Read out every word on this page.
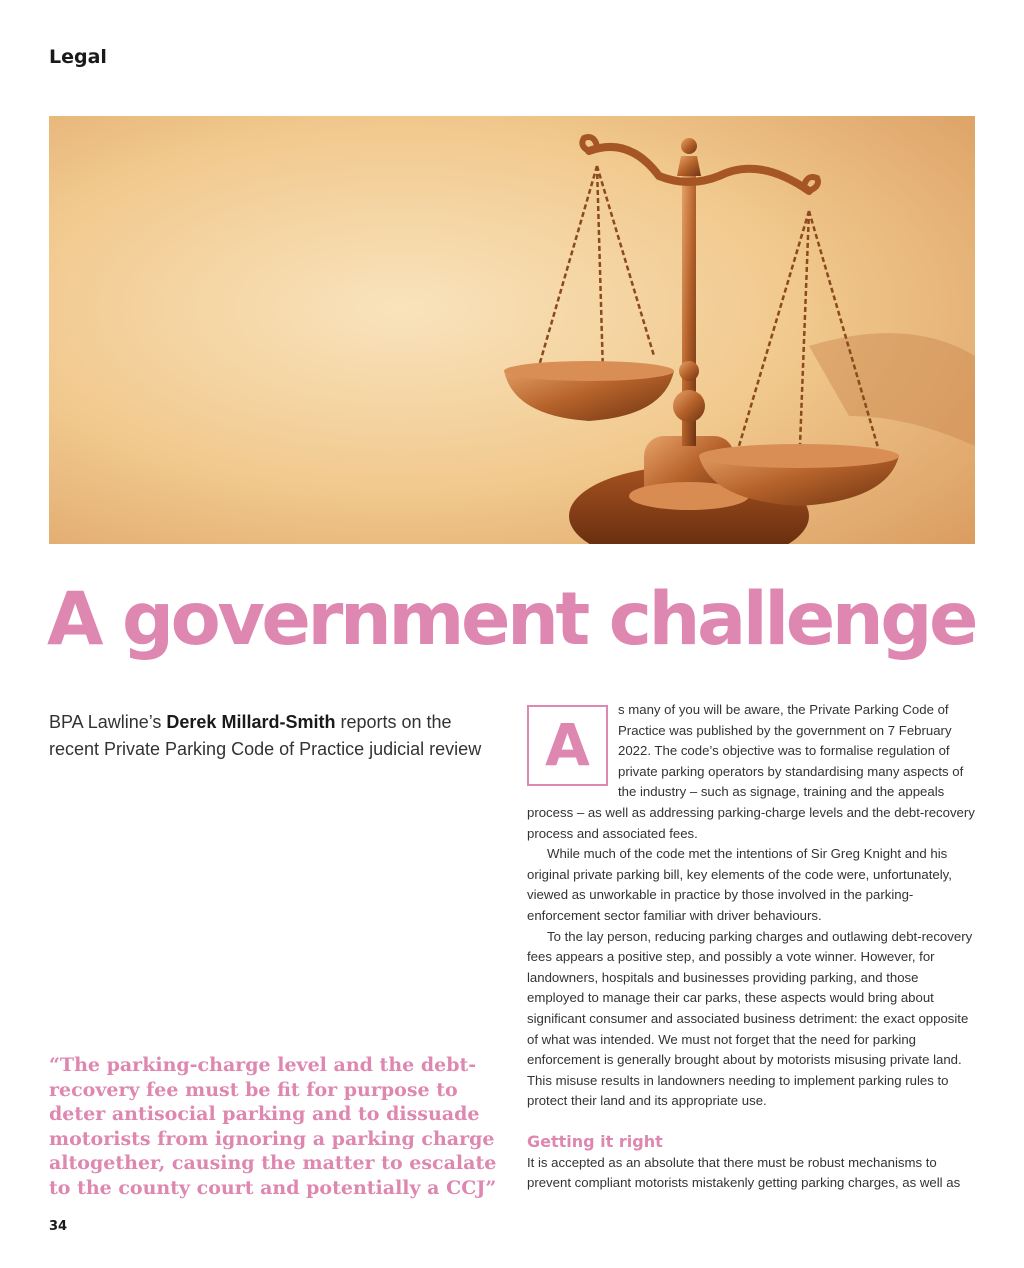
Legal
A government challenge
BPA Lawline’s Derek Millard-Smith reports on the recent Private Parking Code of Practice judicial review
“The parking-charge level and the debt-recovery fee must be fit for purpose to deter antisocial parking and to dissuade motorists from ignoring a parking charge altogether, causing the matter to escalate to the county court and potentially a CCJ”
A

s many of you will be aware, the Private Parking Code of Practice was published by the government on 7 February 2022. The code’s objective was to formalise regulation of private parking operators by standardising many aspects of the industry – such as signage, training and the appeals process – as well as addressing parking-charge levels and the debt-recovery process and associated fees.

While much of the code met the intentions of Sir Greg Knight and his original private parking bill, key elements of the code were, unfortunately, viewed as unworkable in practice by those involved in the parking-enforcement sector familiar with driver behaviours.

To the lay person, reducing parking charges and outlawing debt-recovery fees appears a positive step, and possibly a vote winner. However, for landowners, hospitals and businesses providing parking, and those employed to manage their car parks, these aspects would bring about significant consumer and associated business detriment: the exact opposite of what was intended. We must not forget that the need for parking enforcement is generally brought about by motorists misusing private land. This misuse results in landowners needing to implement parking rules to protect their land and its appropriate use.

Getting it right

It is accepted as an absolute that there must be robust mechanisms to prevent compliant motorists mistakenly getting parking charges, as well as

34
